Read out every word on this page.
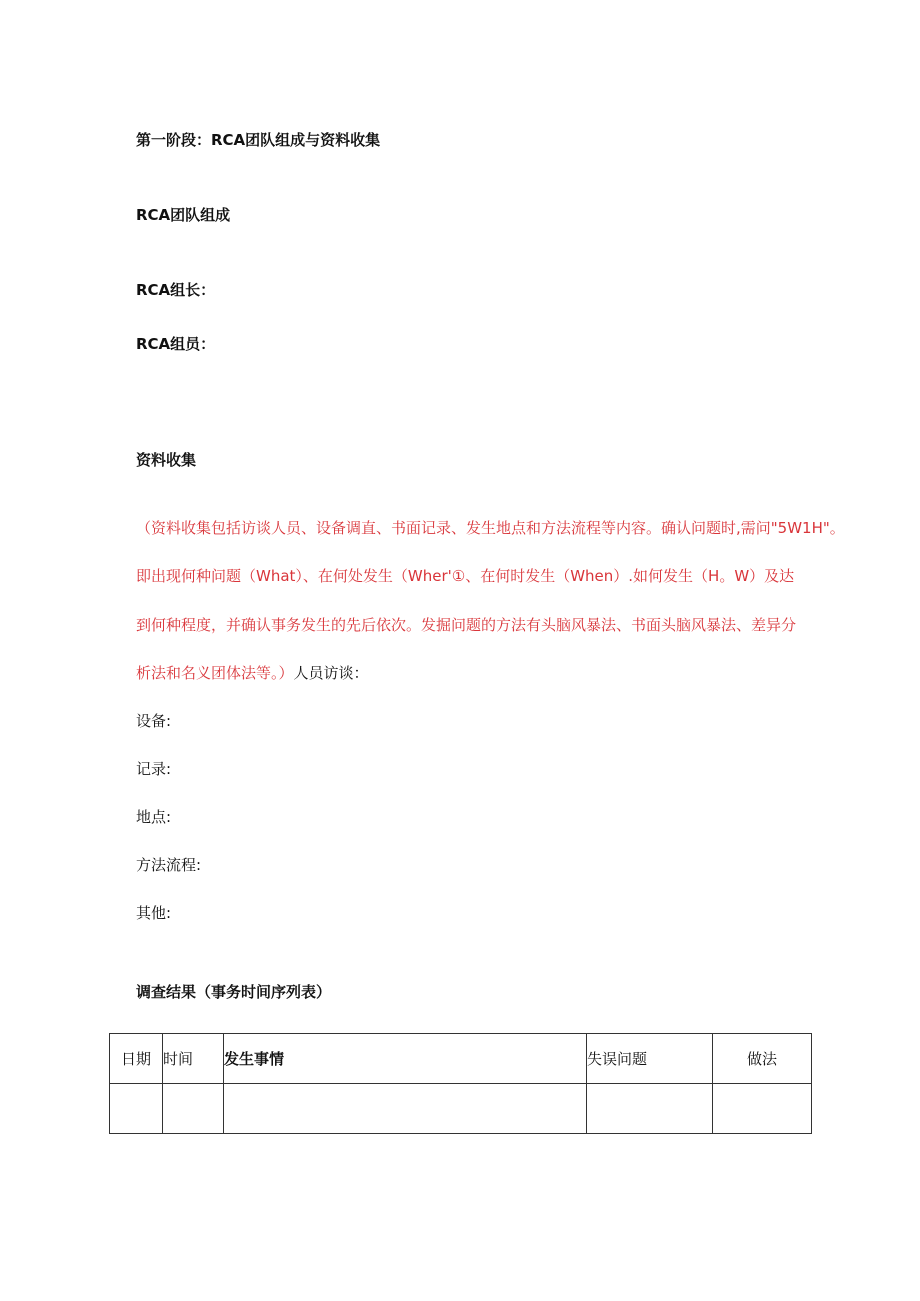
第一阶段：RCA团队组成与资料收集
RCA团队组成
RCA组长：
RCA组员：
资料收集
（资料收集包括访谈人员、设备调直、书面记录、发生地点和方法流程等内容。确认问题时,需问"5W1H"。
即出现何种问题（What）、在何处发生（Wher'①、在何时发生（When）.如何发生（H。W）及达
到何种程度，并确认事务发生的先后依次。发掘问题的方法有头脑风暴法、书面头脑风暴法、差异分
析法和名义团体法等。）人员访谈：
设备:
记录:
地点:
方法流程:
其他:
调查结果（事务时间序列表）
日期	时间	发生事情	失误问题	做法
